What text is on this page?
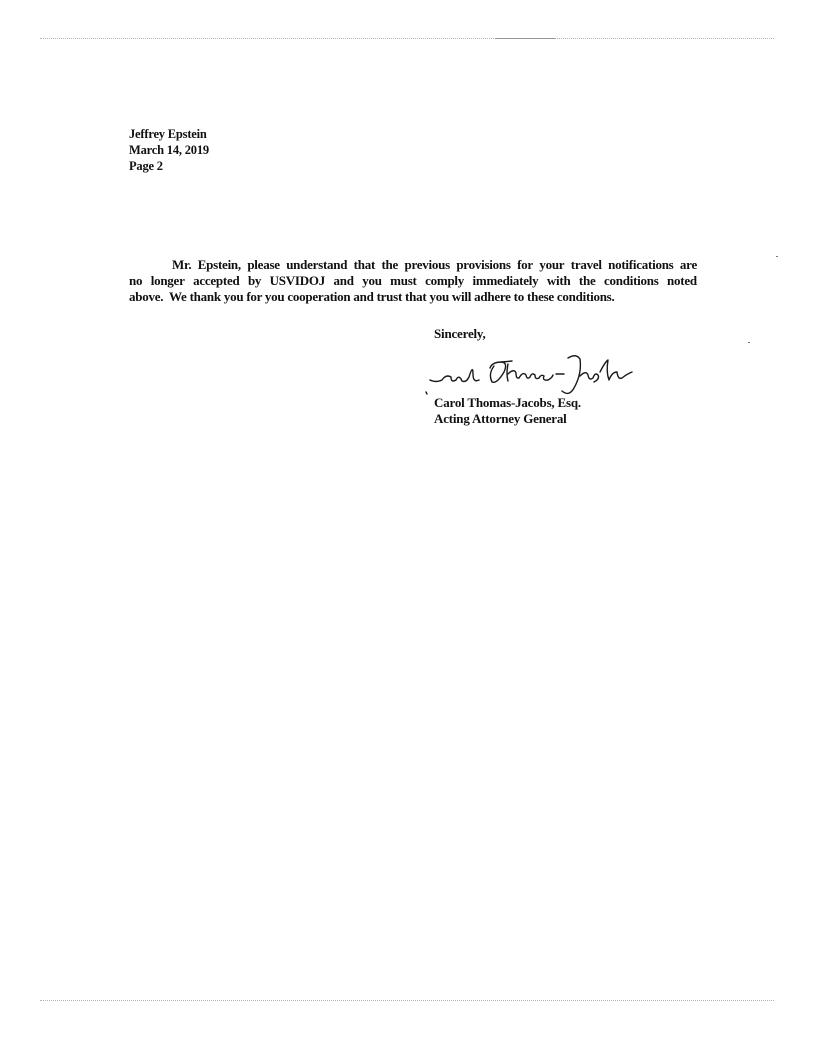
Jeffrey Epstein
March 14, 2019
Page 2
Mr. Epstein, please understand that the previous provisions for your travel notifications are
no longer accepted by USVIDOJ and you must comply immediately with the conditions noted
above.  We thank you for you cooperation and trust that you will adhere to these conditions.
Sincerely,
Carol Thomas-Jacobs, Esq.
Acting Attorney General
